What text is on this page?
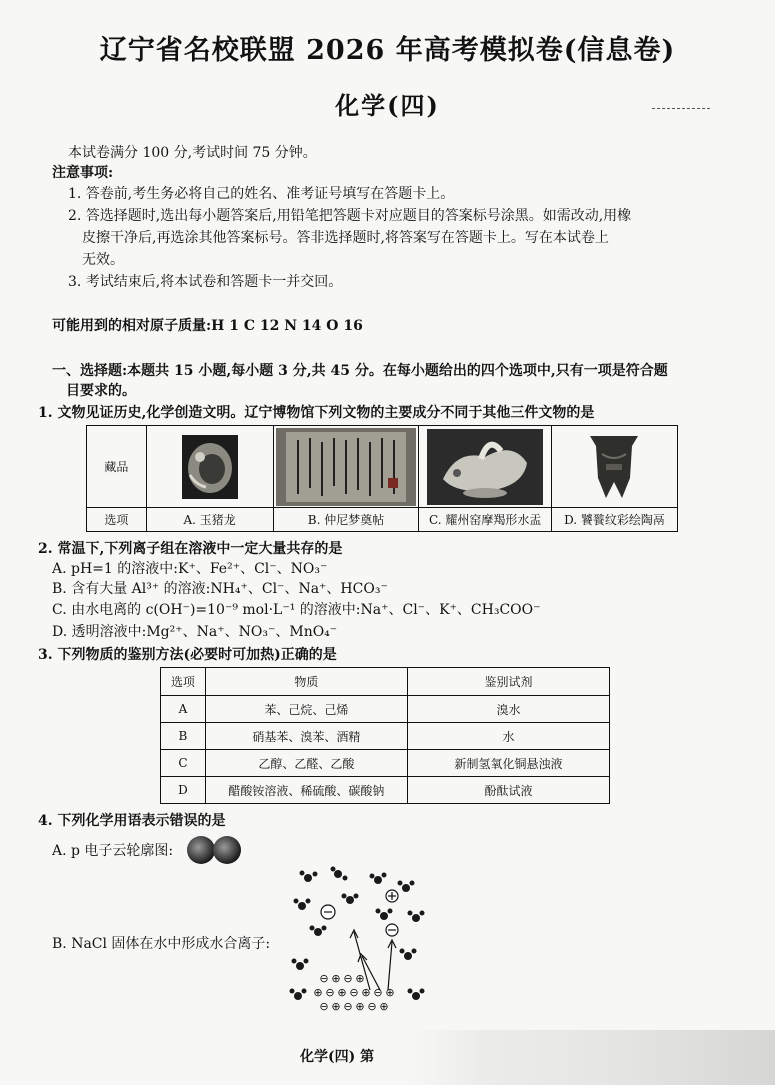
辽宁省名校联盟 2026 年高考模拟卷(信息卷)
化学(四)
本试卷满分 100 分,考试时间 75 分钟。
注意事项:
1. 答卷前,考生务必将自己的姓名、准考证号填写在答题卡上。
2. 答选择题时,选出每小题答案后,用铅笔把答题卡对应题目的答案标号涂黑。如需改动,用橡
皮擦干净后,再选涂其他答案标号。答非选择题时,将答案写在答题卡上。写在本试卷上
无效。
3. 考试结束后,将本试卷和答题卡一并交回。
可能用到的相对原子质量:H 1 C 12 N 14 O 16
一、选择题:本题共 15 小题,每小题 3 分,共 45 分。在每小题给出的四个选项中,只有一项是符合题
目要求的。
1. 文物见证历史,化学创造文明。辽宁博物馆下列文物的主要成分不同于其他三件文物的是
藏品				
选项	A. 玉猪龙	B. 仲尼梦奠帖	C. 耀州窑摩羯形水盂	D. 饕餮纹彩绘陶鬲
2. 常温下,下列离子组在溶液中一定大量共存的是
A. pH=1 的溶液中:K⁺、Fe²⁺、Cl⁻、NO₃⁻
B. 含有大量 Al³⁺ 的溶液:NH₄⁺、Cl⁻、Na⁺、HCO₃⁻
C. 由水电离的 c(OH⁻)=10⁻⁹ mol·L⁻¹ 的溶液中:Na⁺、Cl⁻、K⁺、CH₃COO⁻
D. 透明溶液中:Mg²⁺、Na⁺、NO₃⁻、MnO₄⁻
3. 下列物质的鉴别方法(必要时可加热)正确的是
选项	物质	鉴别试剂
A	苯、己烷、己烯	溴水
B	硝基苯、溴苯、酒精	水
C	乙醇、乙醛、乙酸	新制氢氧化铜悬浊液
D	醋酸铵溶液、稀硫酸、碳酸钠	酚酞试液
4. 下列化学用语表示错误的是
A. p 电子云轮廓图:
B. NaCl 固体在水中形成水合离子:
⊖ ⊕ ⊖ ⊕
⊕ ⊖ ⊕ ⊖ ⊕ ⊖ ⊕
⊖ ⊕ ⊖ ⊕ ⊖ ⊕
化学(四) 第
